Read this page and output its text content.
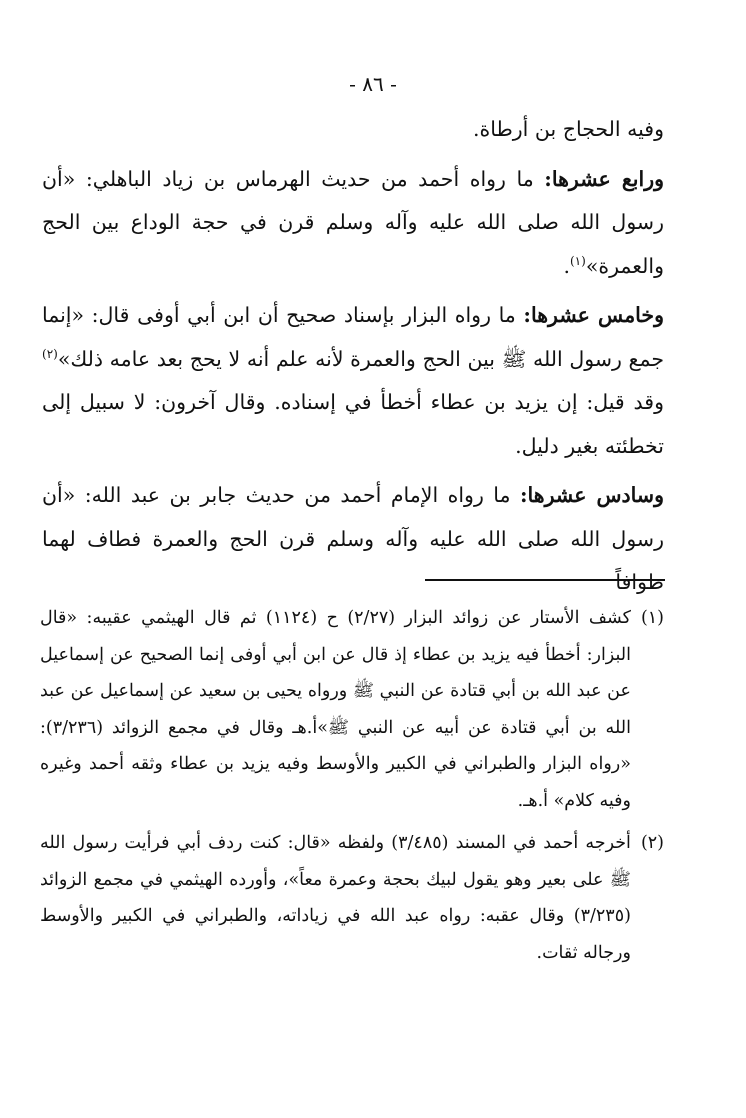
- ٨٦ -

وفيه الحجاج بن أرطاة.

ورابع عشرها: ما رواه أحمد من حديث الهرماس بن زياد الباهلي: «أن رسول الله صلى الله عليه وآله وسلم قرن في حجة الوداع بين الحج والعمرة»$^{(١)}$.

وخامس عشرها: ما رواه البزار بإسناد صحيح أن ابن أبي أوفى قال: «إنما جمع رسول الله ﷺ بين الحج والعمرة لأنه علم أنه لا يحج بعد عامه ذلك»$^{(٢)}$ وقد قيل: إن يزيد بن عطاء أخطأ في إسناده. وقال آخرون: لا سبيل إلى تخطئته بغير دليل.

وسادس عشرها: ما رواه الإمام أحمد من حديث جابر بن عبد الله: «أن رسول الله صلى الله عليه وآله وسلم قرن الحج والعمرة فطاف لهما طوافاً

(١)
كشف الأستار عن زوائد البزار (٢/٢٧) ح (١١٢٤) ثم قال الهيثمي عقيبه: «قال البزار: أخطأ فيه يزيد بن عطاء إذ قال عن ابن أبي أوفى إنما الصحيح عن إسماعيل عن عبد الله بن أبي قتادة عن النبي ﷺ ورواه يحيى بن سعيد عن إسماعيل عن عبد الله بن أبي قتادة عن أبيه عن النبي ﷺ»أ.هـ وقال في مجمع الزوائد (٣/٢٣٦): «رواه البزار والطبراني في الكبير والأوسط وفيه يزيد بن عطاء وثقه أحمد وغيره وفيه كلام» أ.هـ.
(٢)
أخرجه أحمد في المسند (٣/٤٨٥) ولفظه «قال: كنت ردف أبي فرأيت رسول الله ﷺ على بعير وهو يقول لبيك بحجة وعمرة معاً»، وأورده الهيثمي في مجمع الزوائد (٣/٢٣٥) وقال عقبه: رواه عبد الله في زياداته، والطبراني في الكبير والأوسط ورجاله ثقات.
